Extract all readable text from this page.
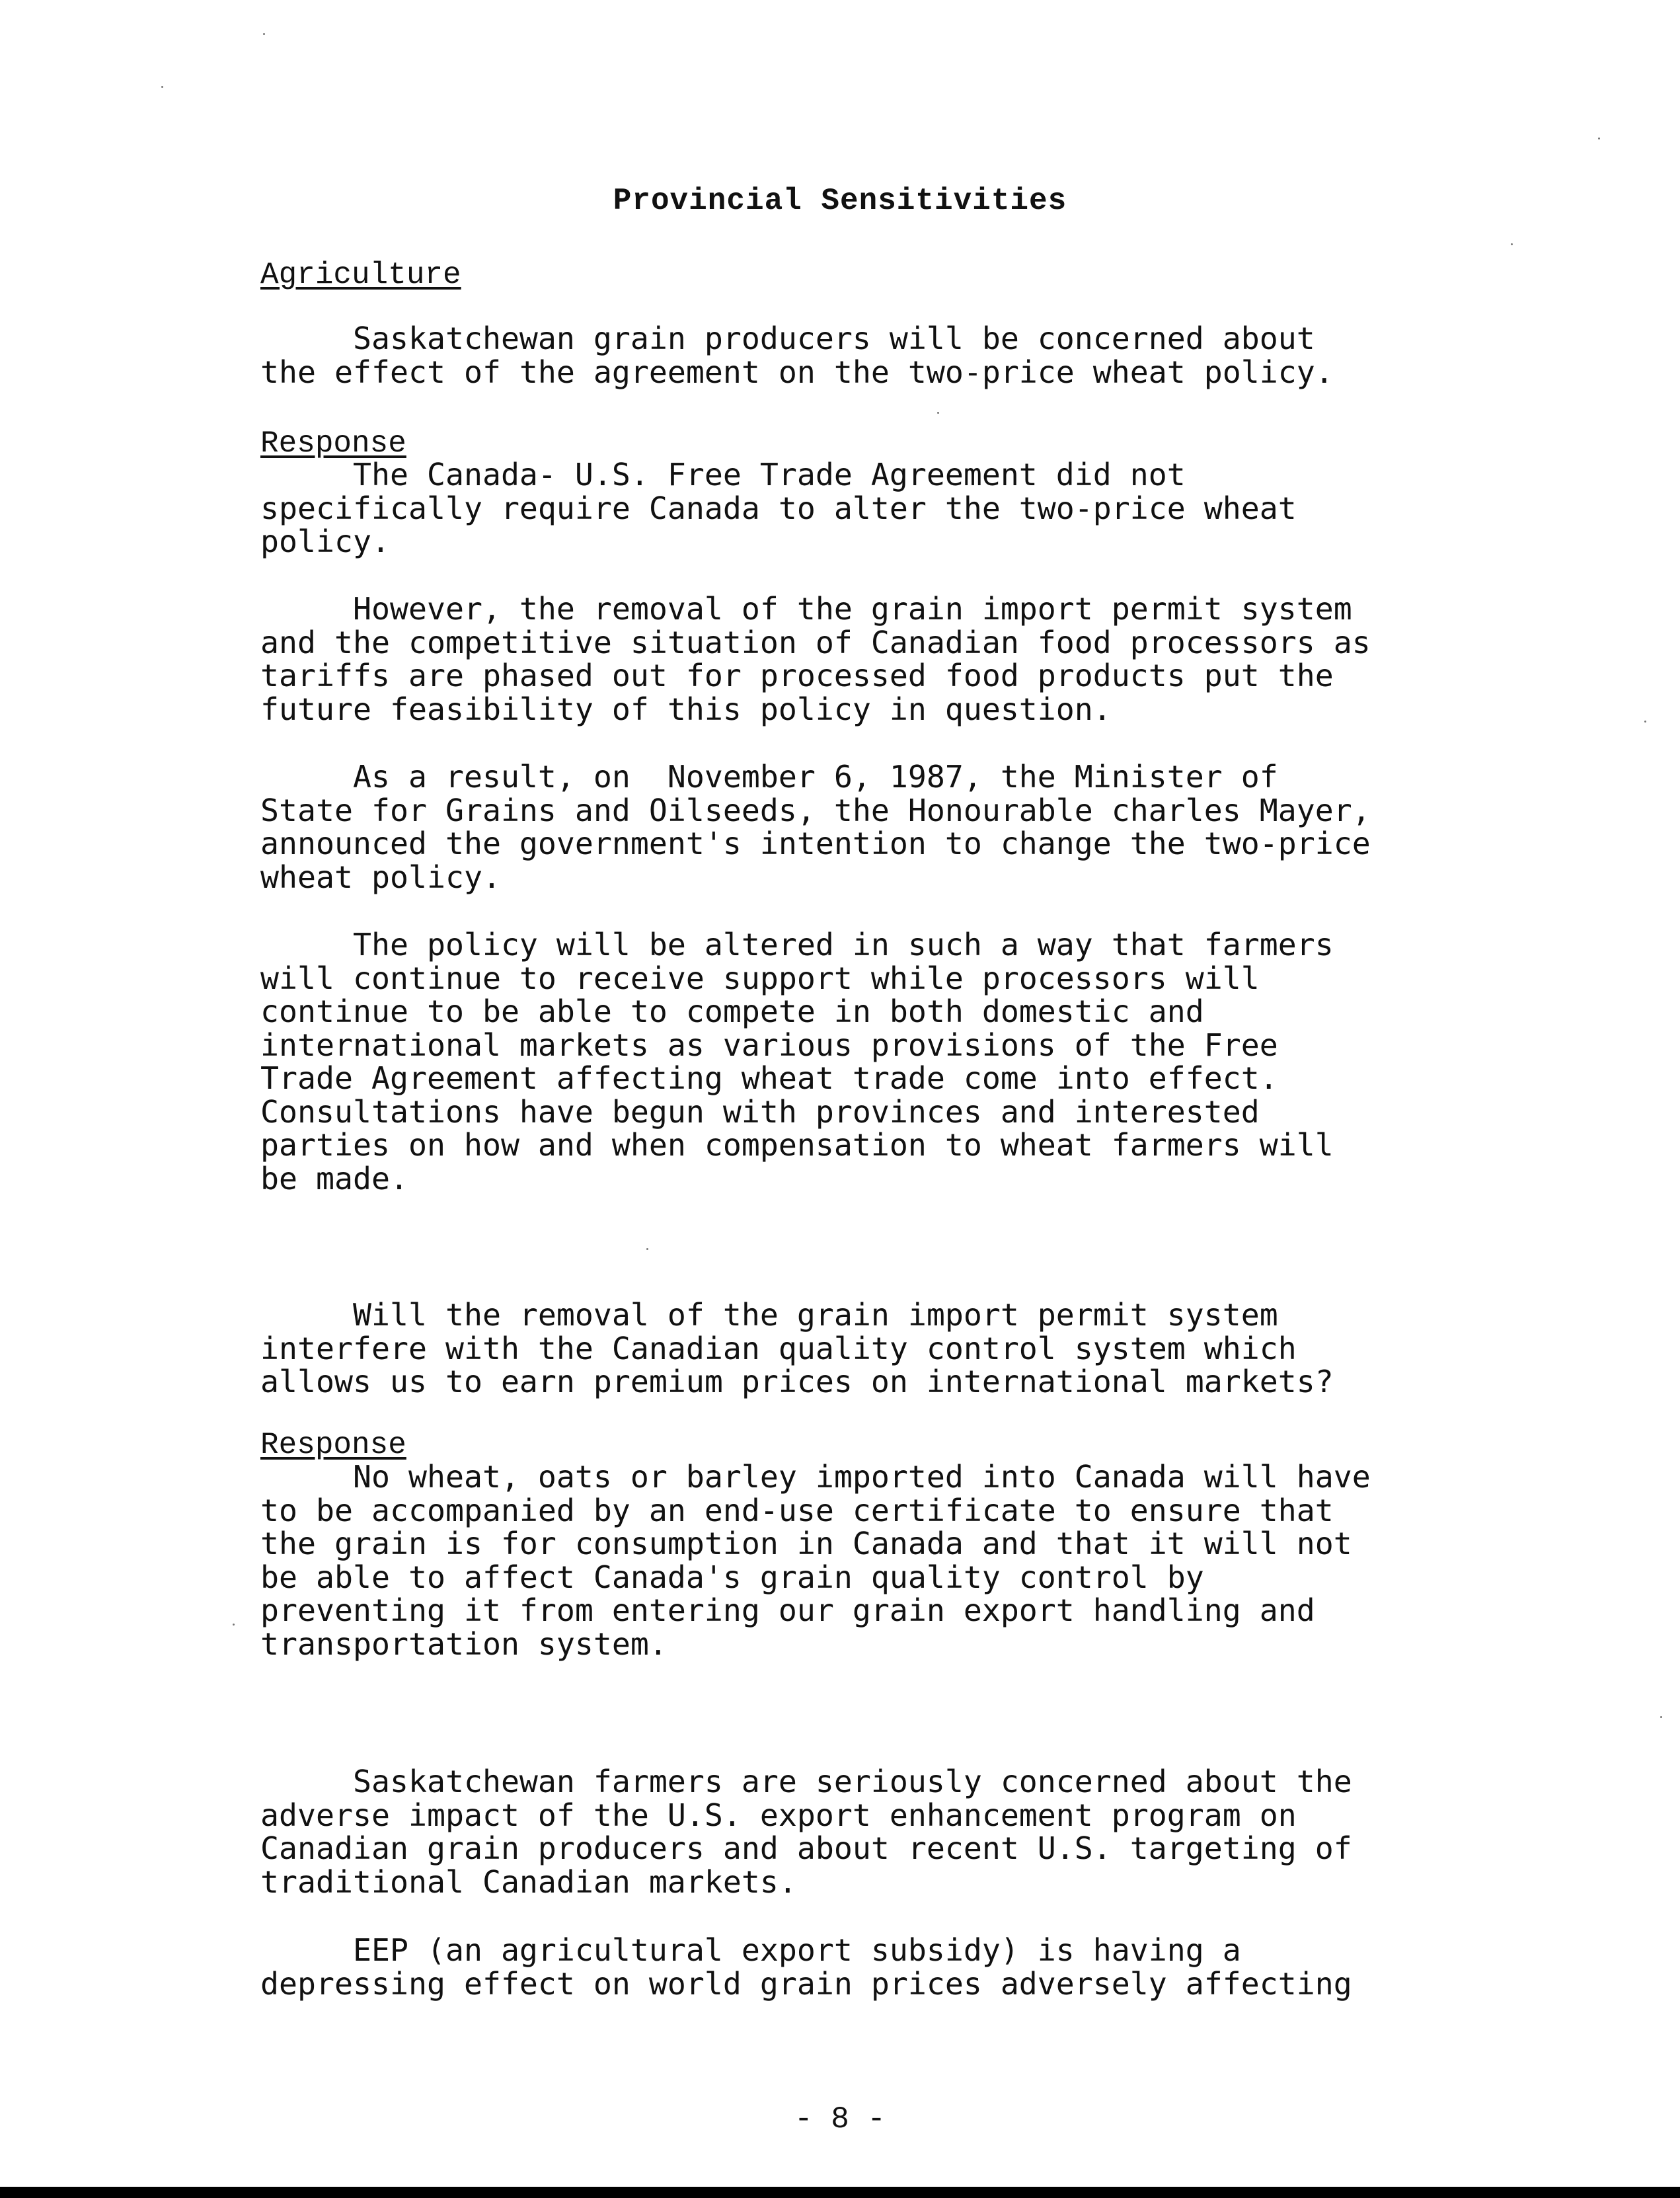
Provincial Sensitivities
Agriculture
Saskatchewan grain producers will be concerned about
the effect of the agreement on the two-price wheat policy.
Response
The Canada- U.S. Free Trade Agreement did not
specifically require Canada to alter the two-price wheat
policy.
However, the removal of the grain import permit system
and the competitive situation of Canadian food processors as
tariffs are phased out for processed food products put the
future feasibility of this policy in question.
As a result, on  November 6, 1987, the Minister of
State for Grains and Oilseeds, the Honourable charles Mayer,
announced the government's intention to change the two-price
wheat policy.
The policy will be altered in such a way that farmers
will continue to receive support while processors will
continue to be able to compete in both domestic and
international markets as various provisions of the Free
Trade Agreement affecting wheat trade come into effect.
Consultations have begun with provinces and interested
parties on how and when compensation to wheat farmers will
be made.
Will the removal of the grain import permit system
interfere with the Canadian quality control system which
allows us to earn premium prices on international markets?
Response
No wheat, oats or barley imported into Canada will have
to be accompanied by an end-use certificate to ensure that
the grain is for consumption in Canada and that it will not
be able to affect Canada's grain quality control by
preventing it from entering our grain export handling and
transportation system.
Saskatchewan farmers are seriously concerned about the
adverse impact of the U.S. export enhancement program on
Canadian grain producers and about recent U.S. targeting of
traditional Canadian markets.
EEP (an agricultural export subsidy) is having a
depressing effect on world grain prices adversely affecting
- 8 -
